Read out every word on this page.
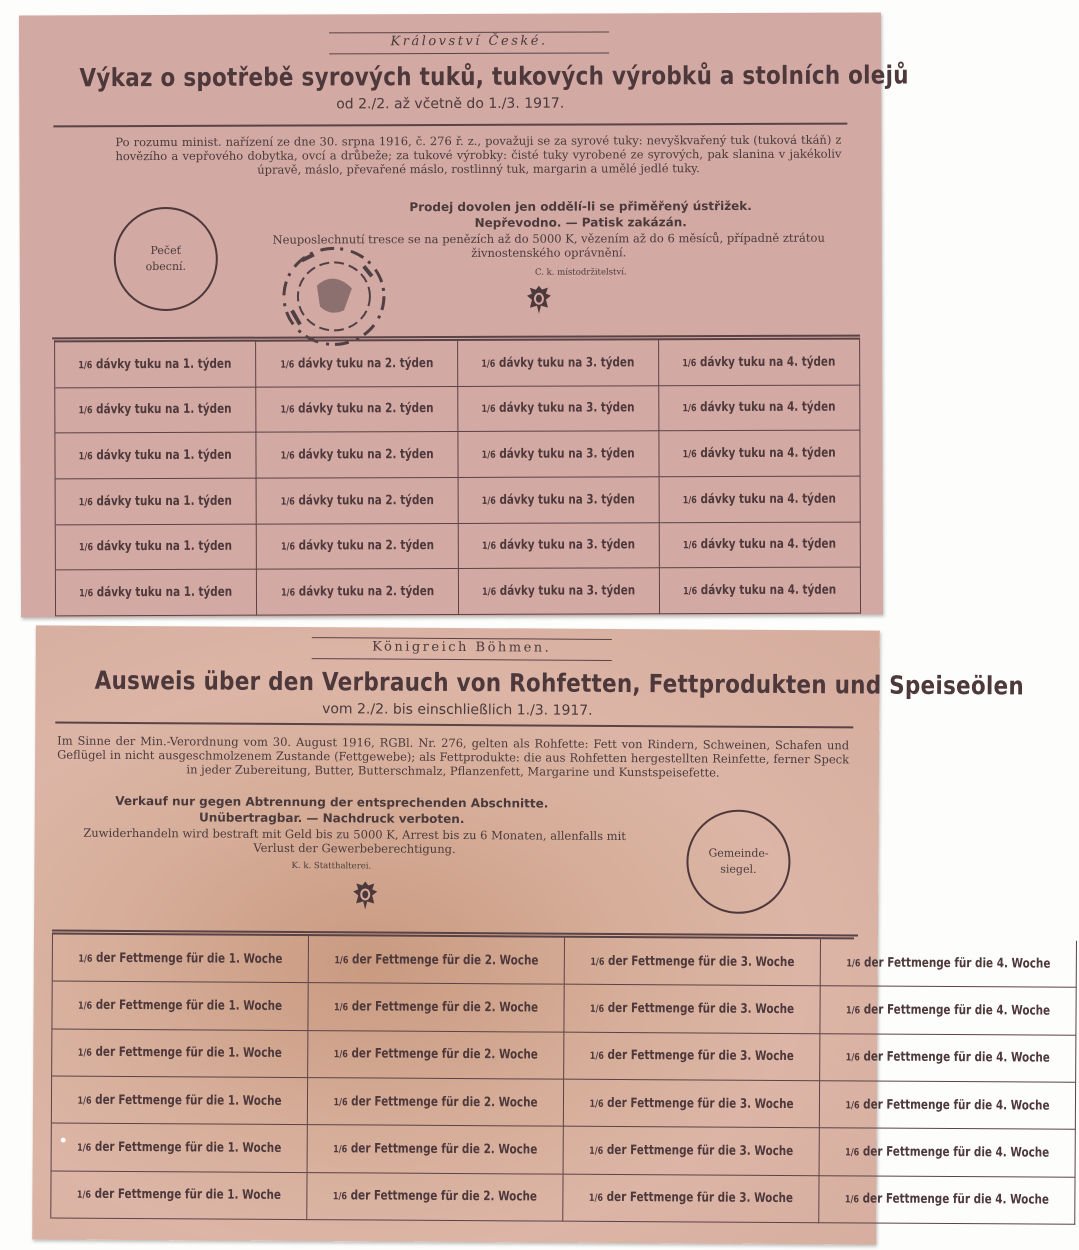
Království České.
Výkaz o spotřebě syrových tuků, tukových výrobků a stolních olejů
od 2./2. až včetně do 1./3. 1917.
Po rozumu minist. nařízení ze dne 30. srpna 1916, č. 276 ř. z., považuji se za syrové tuky: nevyškvařený tuk (tuková tkáň) z hovězího a vepřového dobytka, ovcí a drůbeže; za tukové výrobky: čisté tuky vyrobené ze syrových, pak slanina v jakékoliv úpravě, máslo, převařené máslo, rostlinný tuk, margarin a umělé jedlé tuky.
Prodej dovolen jen oddělí-li se přiměřený ústřižek.
Nepřevodno. — Patisk zakázán.
Neuposlechnutí tresce se na penězích až do 5000 K, vězením až do 6 měsíců, případně ztrátou živnostenského oprávnění.
C. k. místodržitelství.
Pečeť obecní.
1/6 dávky tuku na 1. týden	1/6 dávky tuku na 2. týden	1/6 dávky tuku na 3. týden	1/6 dávky tuku na 4. týden
1/6 dávky tuku na 1. týden	1/6 dávky tuku na 2. týden	1/6 dávky tuku na 3. týden	1/6 dávky tuku na 4. týden
1/6 dávky tuku na 1. týden	1/6 dávky tuku na 2. týden	1/6 dávky tuku na 3. týden	1/6 dávky tuku na 4. týden
1/6 dávky tuku na 1. týden	1/6 dávky tuku na 2. týden	1/6 dávky tuku na 3. týden	1/6 dávky tuku na 4. týden
1/6 dávky tuku na 1. týden	1/6 dávky tuku na 2. týden	1/6 dávky tuku na 3. týden	1/6 dávky tuku na 4. týden
1/6 dávky tuku na 1. týden	1/6 dávky tuku na 2. týden	1/6 dávky tuku na 3. týden	1/6 dávky tuku na 4. týden
Königreich Böhmen.
Ausweis über den Verbrauch von Rohfetten, Fettprodukten und Speiseölen
vom 2./2. bis einschließlich 1./3. 1917.
Im Sinne der Min.-Verordnung vom 30. August 1916, RGBl. Nr. 276, gelten als Rohfette: Fett von Rindern, Schweinen, Schafen und Geflügel in nicht ausgeschmolzenem Zustande (Fettgewebe); als Fettprodukte: die aus Rohfetten hergestellten Reinfette, ferner Speck in jeder Zubereitung, Butter, Butterschmalz, Pflanzenfett, Margarine und Kunstspeisefette.
Verkauf nur gegen Abtrennung der entsprechenden Abschnitte.
Unübertragbar. — Nachdruck verboten.
Zuwiderhandeln wird bestraft mit Geld bis zu 5000 K, Arrest bis zu 6 Monaten, allenfalls mit Verlust der Gewerbeberechtigung.
K. k. Statthalterei.
Gemeinde-siegel.
1/6 der Fettmenge für die 1. Woche	1/6 der Fettmenge für die 2. Woche	1/6 der Fettmenge für die 3. Woche	1/6 der Fettmenge für die 4. Woche
1/6 der Fettmenge für die 1. Woche	1/6 der Fettmenge für die 2. Woche	1/6 der Fettmenge für die 3. Woche	1/6 der Fettmenge für die 4. Woche
1/6 der Fettmenge für die 1. Woche	1/6 der Fettmenge für die 2. Woche	1/6 der Fettmenge für die 3. Woche	1/6 der Fettmenge für die 4. Woche
1/6 der Fettmenge für die 1. Woche	1/6 der Fettmenge für die 2. Woche	1/6 der Fettmenge für die 3. Woche	1/6 der Fettmenge für die 4. Woche
1/6 der Fettmenge für die 1. Woche	1/6 der Fettmenge für die 2. Woche	1/6 der Fettmenge für die 3. Woche	1/6 der Fettmenge für die 4. Woche
1/6 der Fettmenge für die 1. Woche	1/6 der Fettmenge für die 2. Woche	1/6 der Fettmenge für die 3. Woche	1/6 der Fettmenge für die 4. Woche
